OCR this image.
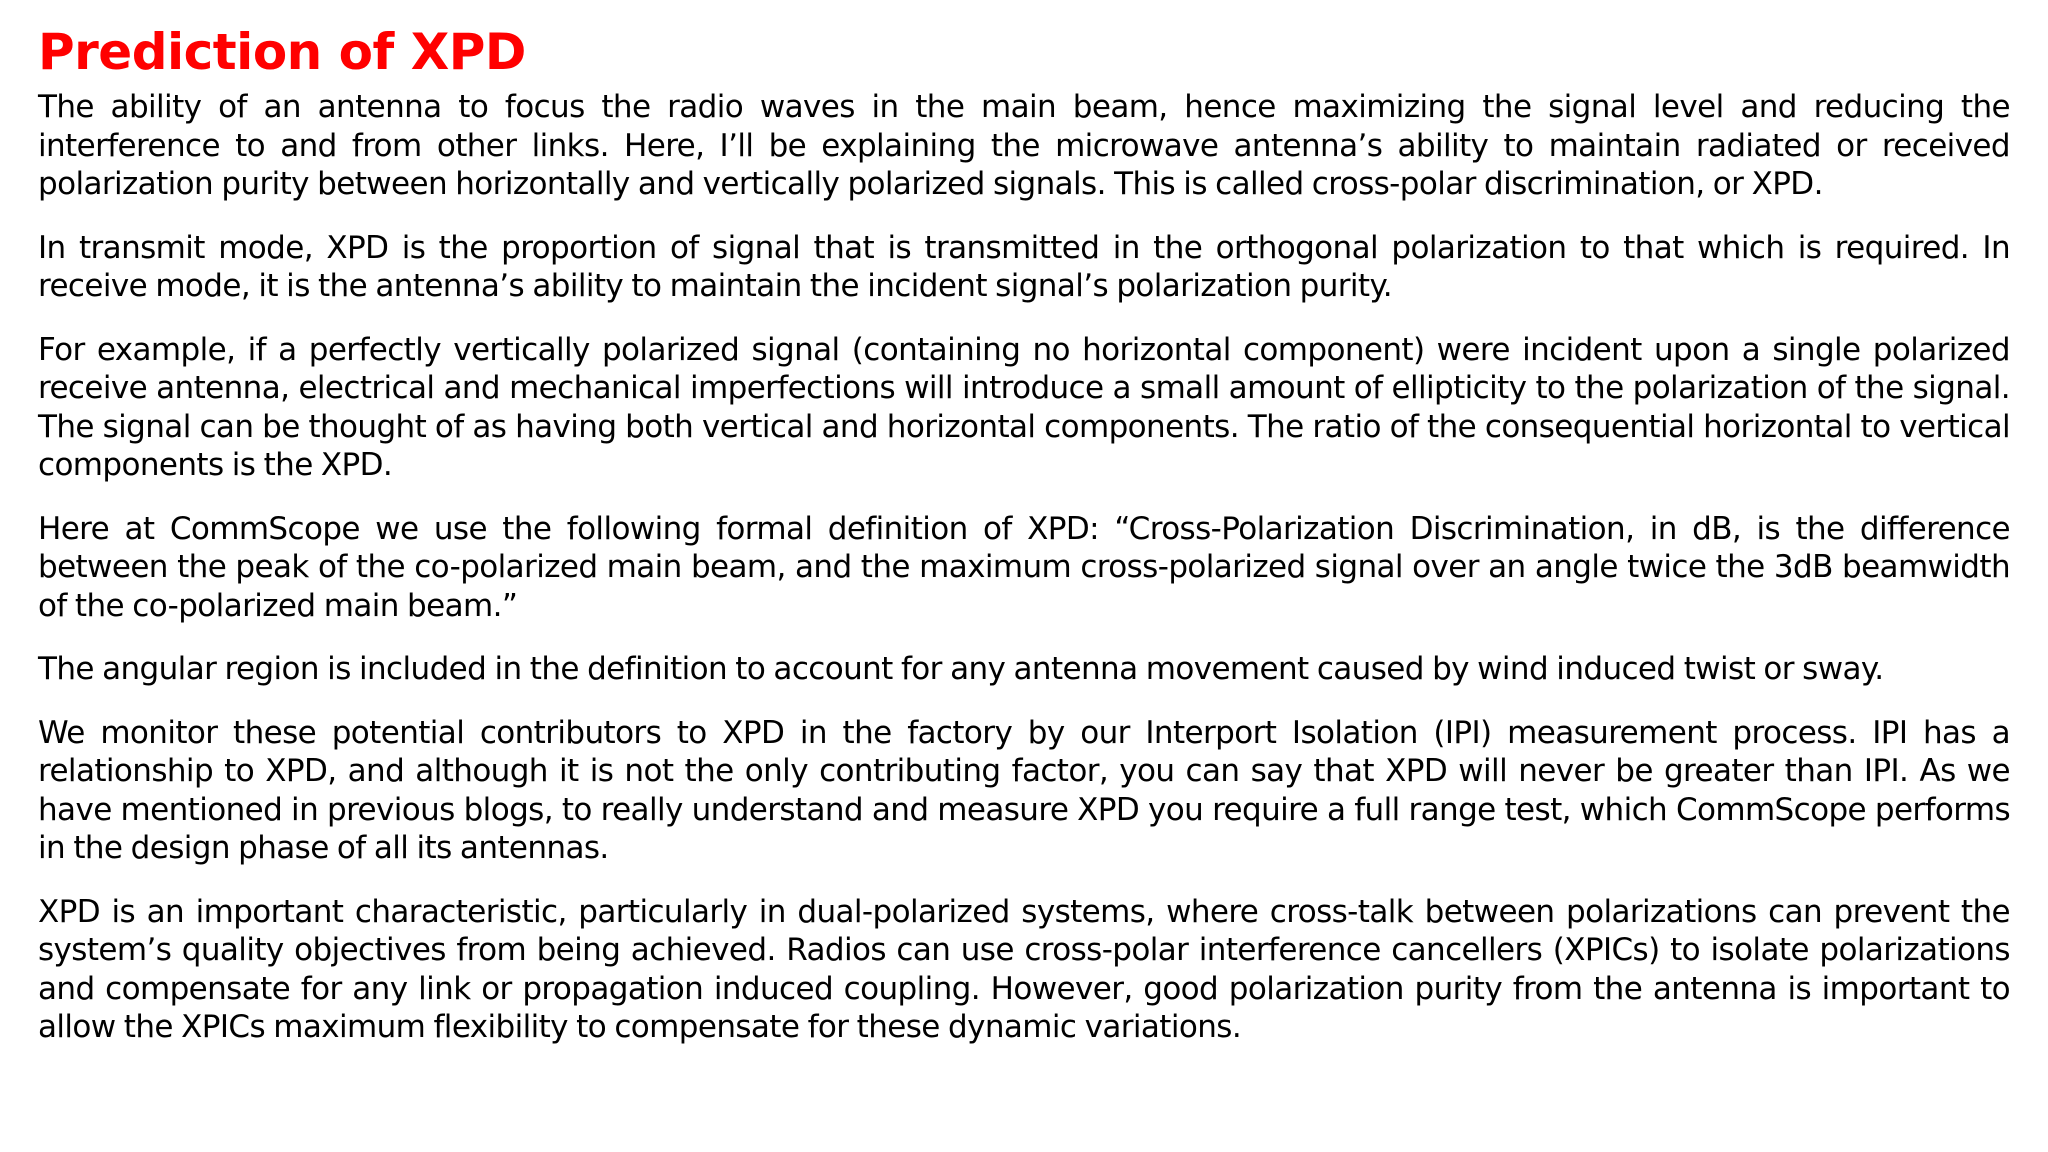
Prediction of XPD

The ability of an antenna to focus the radio waves in the main beam, hence maximizing the signal level and reducing the interference to and from other links. Here, I’ll be explaining the microwave antenna’s ability to maintain radiated or received polarization purity between horizontally and vertically polarized signals. This is called cross-polar discrimination, or XPD.

In transmit mode, XPD is the proportion of signal that is transmitted in the orthogonal polarization to that which is required. In receive mode, it is the antenna’s ability to maintain the incident signal’s polarization purity.

For example, if a perfectly vertically polarized signal (containing no horizontal component) were incident upon a single polarized receive antenna, electrical and mechanical imperfections will introduce a small amount of ellipticity to the polarization of the signal. The signal can be thought of as having both vertical and horizontal components. The ratio of the consequential horizontal to vertical components is the XPD.

Here at CommScope we use the following formal definition of XPD: “Cross-Polarization Discrimination, in dB, is the difference between the peak of the co-polarized main beam, and the maximum cross-polarized signal over an angle twice the 3dB beamwidth of the co-polarized main beam.”

The angular region is included in the definition to account for any antenna movement caused by wind induced twist or sway.

We monitor these potential contributors to XPD in the factory by our Interport Isolation (IPI) measurement process. IPI has a relationship to XPD, and although it is not the only contributing factor, you can say that XPD will never be greater than IPI. As we have mentioned in previous blogs, to really understand and measure XPD you require a full range test, which CommScope performs in the design phase of all its antennas.

XPD is an important characteristic, particularly in dual-polarized systems, where cross-talk between polarizations can prevent the system’s quality objectives from being achieved. Radios can use cross-polar interference cancellers (XPICs) to isolate polarizations and compensate for any link or propagation induced coupling. However, good polarization purity from the antenna is important to allow the XPICs maximum flexibility to compensate for these dynamic variations.
